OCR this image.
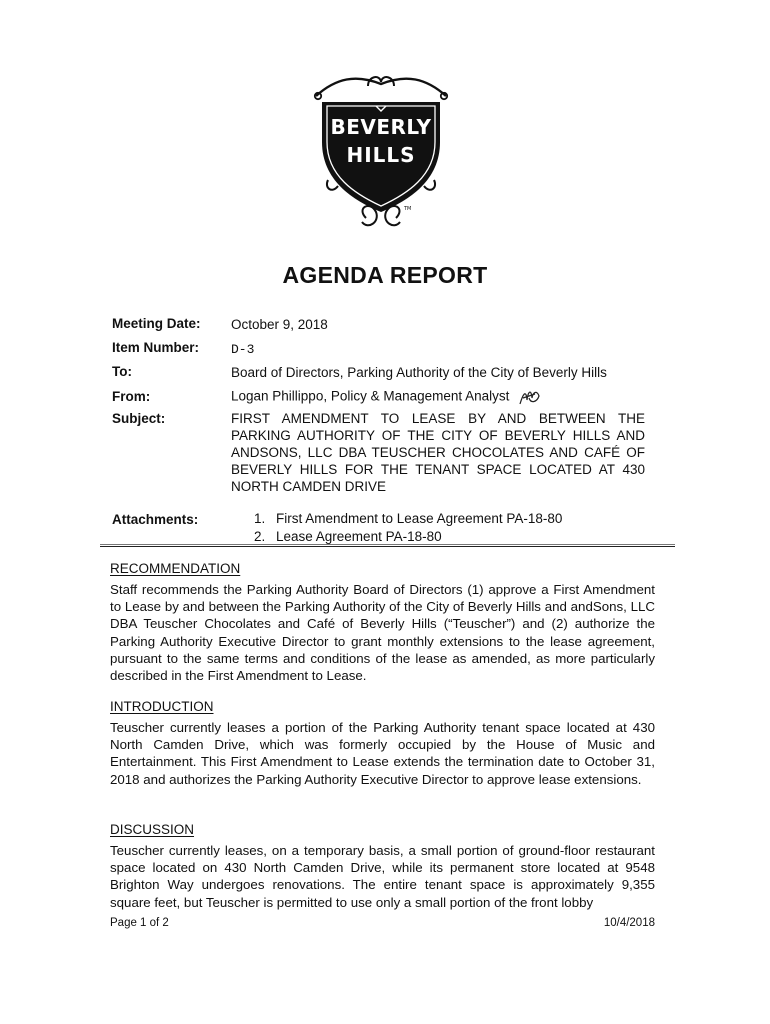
BEVERLY
HILLS
TM
AGENDA REPORT
Meeting Date: October 9, 2018
Item Number: D-3
To:	Board of Directors, Parking Authority of the City of Beverly Hills
From:	Logan Phillippo, Policy & Management Analyst
Subject:	FIRST AMENDMENT TO LEASE BY AND BETWEEN THE PARKING AUTHORITY OF THE CITY OF BEVERLY HILLS AND ANDSONS, LLC DBA TEUSCHER CHOCOLATES AND CAFÉ OF BEVERLY HILLS FOR THE TENANT SPACE LOCATED AT 430 NORTH CAMDEN DRIVE
Attachments:	1. First Amendment to Lease Agreement PA-18-80
2. Lease Agreement PA-18-80
RECOMMENDATION
Staff recommends the Parking Authority Board of Directors (1) approve a First Amendment to Lease by and between the Parking Authority of the City of Beverly Hills and andSons, LLC DBA Teuscher Chocolates and Café of Beverly Hills (“Teuscher”) and (2) authorize the Parking Authority Executive Director to grant monthly extensions to the lease agreement, pursuant to the same terms and conditions of the lease as amended, as more particularly described in the First Amendment to Lease.
INTRODUCTION
Teuscher currently leases a portion of the Parking Authority tenant space located at 430 North Camden Drive, which was formerly occupied by the House of Music and Entertainment. This First Amendment to Lease extends the termination date to October 31, 2018 and authorizes the Parking Authority Executive Director to approve lease extensions.
DISCUSSION
Teuscher currently leases, on a temporary basis, a small portion of ground-floor restaurant space located on 430 North Camden Drive, while its permanent store located at 9548 Brighton Way undergoes renovations. The entire tenant space is approximately 9,355 square feet, but Teuscher is permitted to use only a small portion of the front lobby
Page 1 of 2	10/4/2018
